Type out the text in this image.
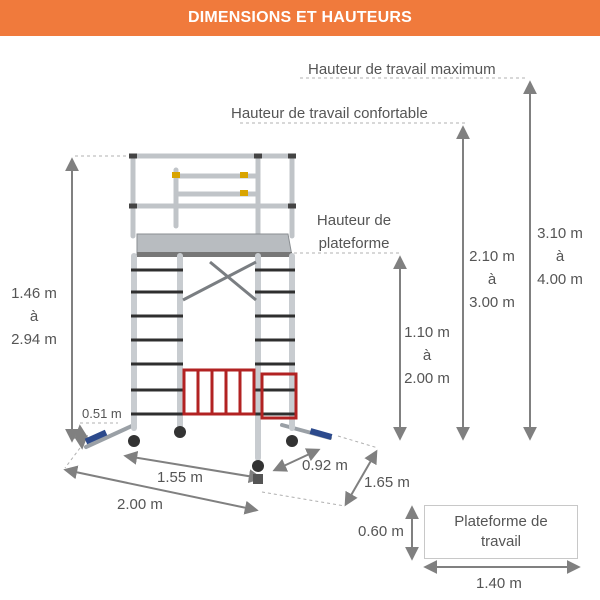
DIMENSIONS ET HAUTEURS
Hauteur de travail maximum
Hauteur de travail confortable
Hauteur de
plateforme
3.10 m
à
4.00 m
2.10 m
à
3.00 m
1.10 m
à
2.00 m
1.46 m
à
2.94 m
0.51 m
1.55 m
0.92 m
1.65 m
2.00 m
0.60 m
Plateforme de
travail
1.40 m
